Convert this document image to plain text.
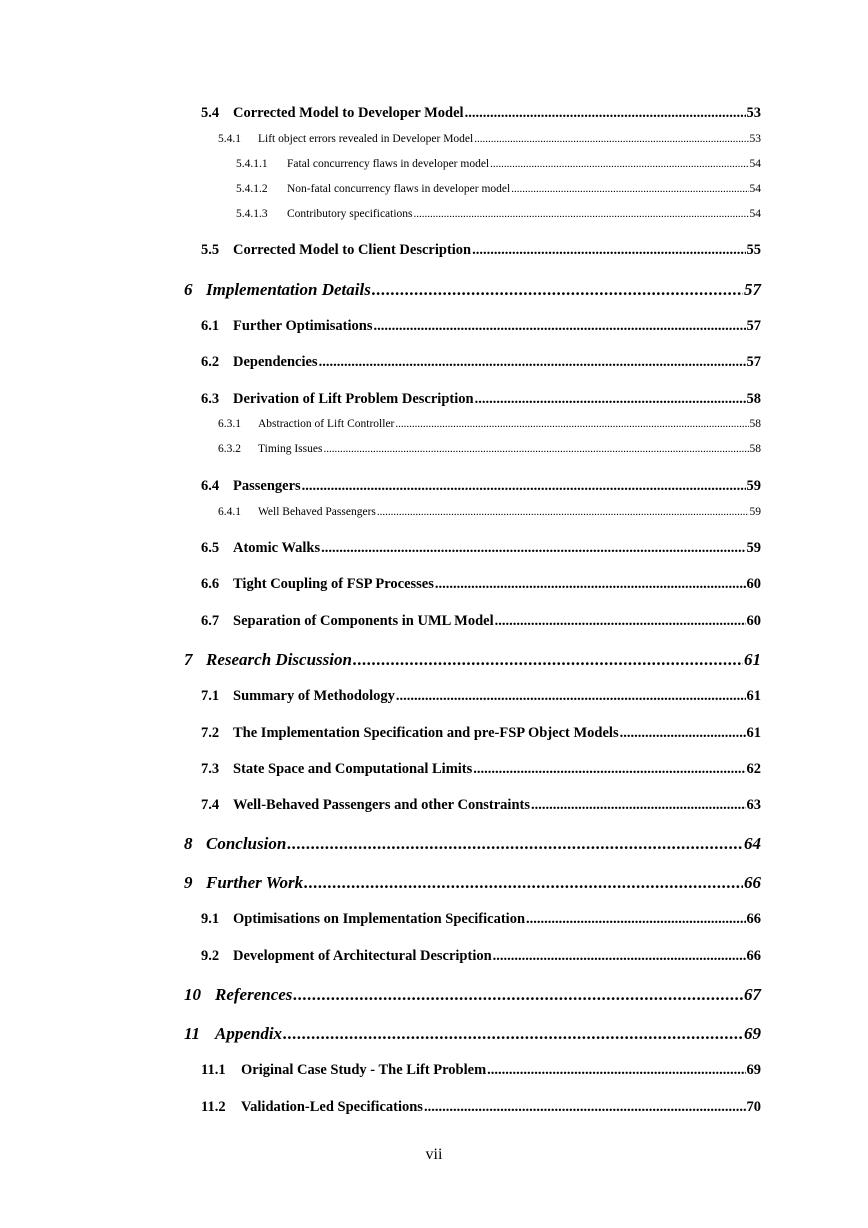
5.4 Corrected Model to Developer Model .....	53
5.4.1	Lift object errors revealed in Developer Model .....	53
5.4.1.1	Fatal concurrency flaws in developer model .....	54
5.4.1.2	Non-fatal concurrency flaws in developer model .....	54
5.4.1.3	Contributory specifications .....	54
5.5 Corrected Model to Client Description .....	55
6 Implementation Details .....	57
6.1 Further Optimisations .....	57
6.2 Dependencies .....	57
6.3 Derivation of Lift Problem Description .....	58
6.3.1	Abstraction of Lift Controller .....	58
6.3.2	Timing Issues .....	58
6.4 Passengers .....	59
6.4.1	Well Behaved Passengers .....	59
6.5 Atomic Walks .....	59
6.6 Tight Coupling of FSP Processes .....	60
6.7 Separation of Components in UML Model .....	60
7 Research Discussion .....	61
7.1 Summary of Methodology .....	61
7.2 The Implementation Specification and pre-FSP Object Models .....	61
7.3 State Space and Computational Limits .....	62
7.4 Well-Behaved Passengers and other Constraints .....	63
8 Conclusion .....	64
9 Further Work .....	66
9.1 Optimisations on Implementation Specification .....	66
9.2 Development of Architectural Description .....	66
10 References .....	67
11 Appendix .....	69
11.1	Original Case Study - The Lift Problem .....	69
11.2	Validation-Led Specifications .....	70
vii
